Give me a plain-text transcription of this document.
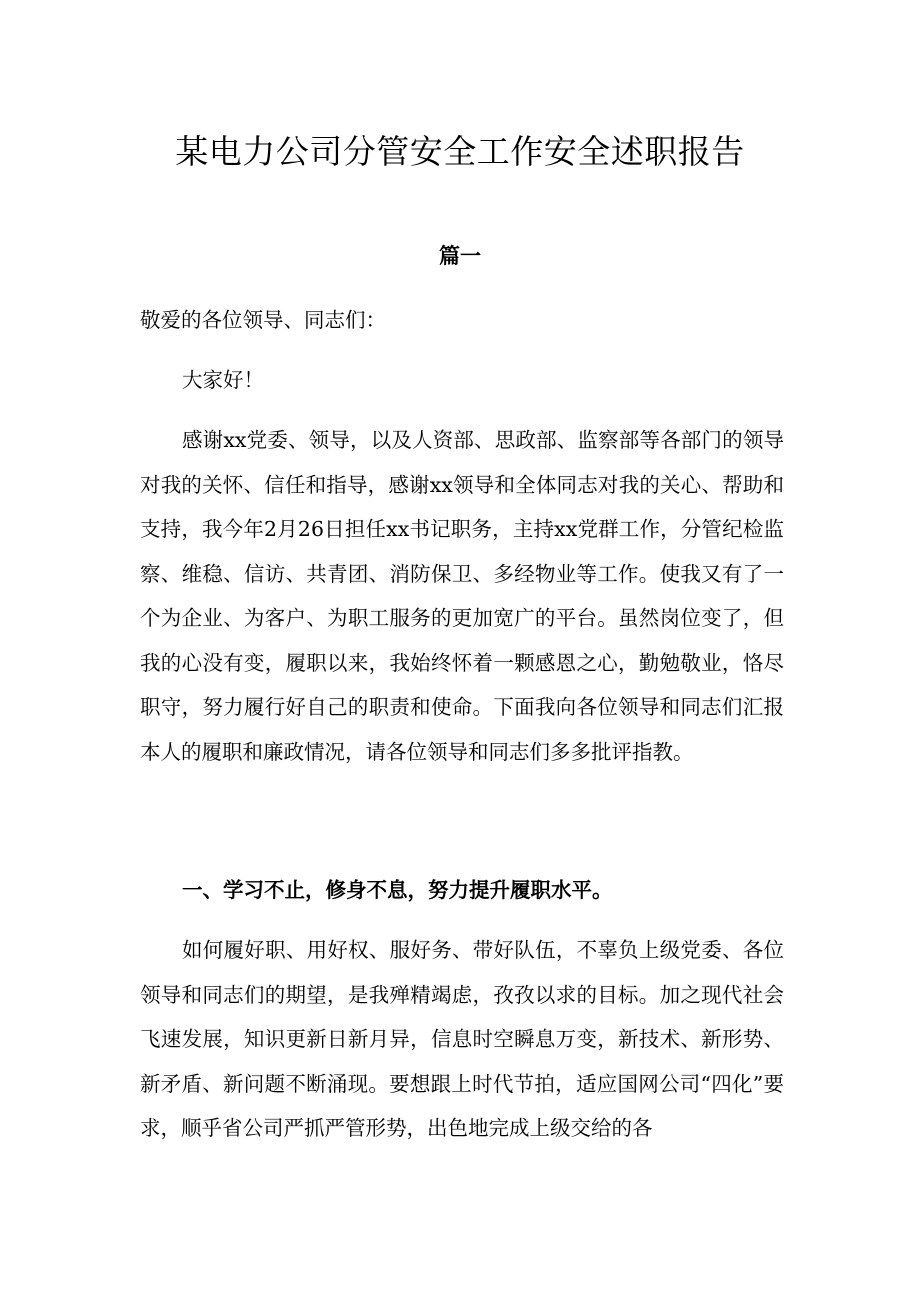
某电力公司分管安全工作安全述职报告
篇一
敬爱的各位领导、同志们：
大家好！
感谢xx党委、领导，以及人资部、思政部、监察部等各部门的领导对我的关怀、信任和指导，感谢xx领导和全体同志对我的关心、帮助和支持，我今年2月26日担任xx书记职务，主持xx党群工作，分管纪检监察、维稳、信访、共青团、消防保卫、多经物业等工作。使我又有了一个为企业、为客户、为职工服务的更加宽广的平台。虽然岗位变了，但我的心没有变，履职以来，我始终怀着一颗感恩之心，勤勉敬业，恪尽职守，努力履行好自己的职责和使命。下面我向各位领导和同志们汇报本人的履职和廉政情况，请各位领导和同志们多多批评指教。
一、学习不止，修身不息，努力提升履职水平。
如何履好职、用好权、服好务、带好队伍，不辜负上级党委、各位领导和同志们的期望，是我殚精竭虑，孜孜以求的目标。加之现代社会飞速发展，知识更新日新月异，信息时空瞬息万变，新技术、新形势、新矛盾、新问题不断涌现。要想跟上时代节拍，适应国网公司“四化”要求，顺乎省公司严抓严管形势，出色地完成上级交给的各
